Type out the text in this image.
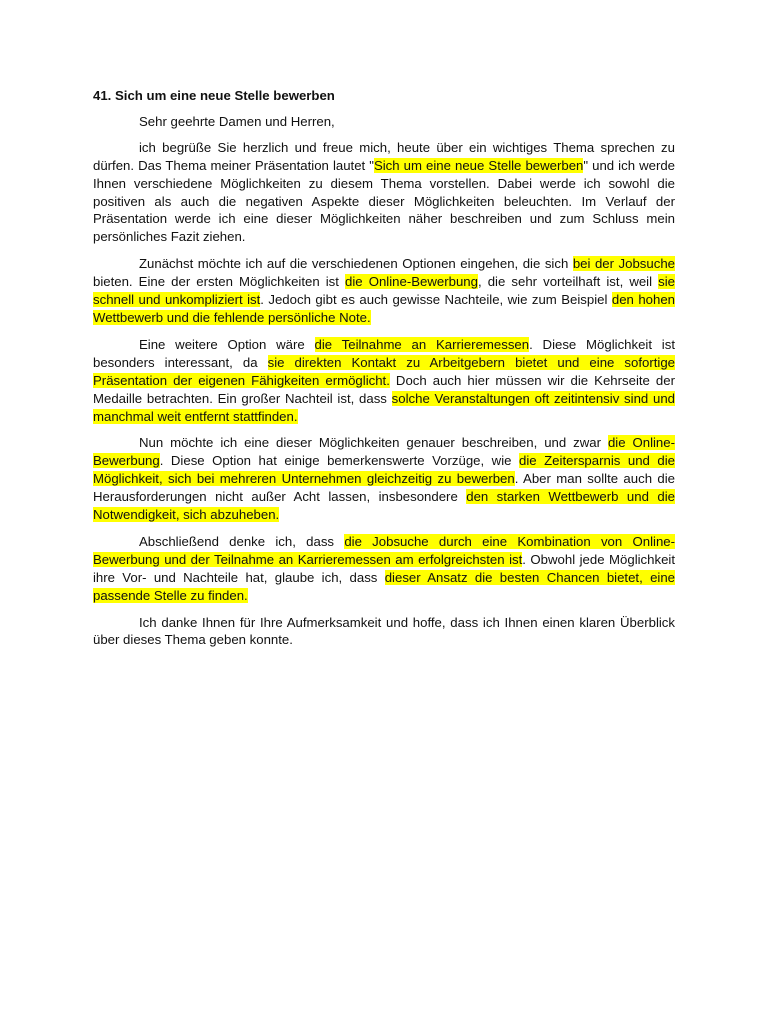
41. Sich um eine neue Stelle bewerben
Sehr geehrte Damen und Herren,

ich begrüße Sie herzlich und freue mich, heute über ein wichtiges Thema sprechen zu dürfen. Das Thema meiner Präsentation lautet "Sich um eine neue Stelle bewerben" und ich werde Ihnen verschiedene Möglichkeiten zu diesem Thema vorstellen. Dabei werde ich sowohl die positiven als auch die negativen Aspekte dieser Möglichkeiten beleuchten. Im Verlauf der Präsentation werde ich eine dieser Möglichkeiten näher beschreiben und zum Schluss mein persönliches Fazit ziehen.

Zunächst möchte ich auf die verschiedenen Optionen eingehen, die sich bei der Jobsuche bieten. Eine der ersten Möglichkeiten ist die Online-Bewerbung, die sehr vorteilhaft ist, weil sie schnell und unkompliziert ist. Jedoch gibt es auch gewisse Nachteile, wie zum Beispiel den hohen Wettbewerb und die fehlende persönliche Note.

Eine weitere Option wäre die Teilnahme an Karrieremessen. Diese Möglichkeit ist besonders interessant, da sie direkten Kontakt zu Arbeitgebern bietet und eine sofortige Präsentation der eigenen Fähigkeiten ermöglicht. Doch auch hier müssen wir die Kehrseite der Medaille betrachten. Ein großer Nachteil ist, dass solche Veranstaltungen oft zeitintensiv sind und manchmal weit entfernt stattfinden.

Nun möchte ich eine dieser Möglichkeiten genauer beschreiben, und zwar die Online-Bewerbung. Diese Option hat einige bemerkenswerte Vorzüge, wie die Zeitersparnis und die Möglichkeit, sich bei mehreren Unternehmen gleichzeitig zu bewerben. Aber man sollte auch die Herausforderungen nicht außer Acht lassen, insbesondere den starken Wettbewerb und die Notwendigkeit, sich abzuheben.

Abschließend denke ich, dass die Jobsuche durch eine Kombination von Online-Bewerbung und der Teilnahme an Karrieremessen am erfolgreichsten ist. Obwohl jede Möglichkeit ihre Vor- und Nachteile hat, glaube ich, dass dieser Ansatz die besten Chancen bietet, eine passende Stelle zu finden.

Ich danke Ihnen für Ihre Aufmerksamkeit und hoffe, dass ich Ihnen einen klaren Überblick über dieses Thema geben konnte.
